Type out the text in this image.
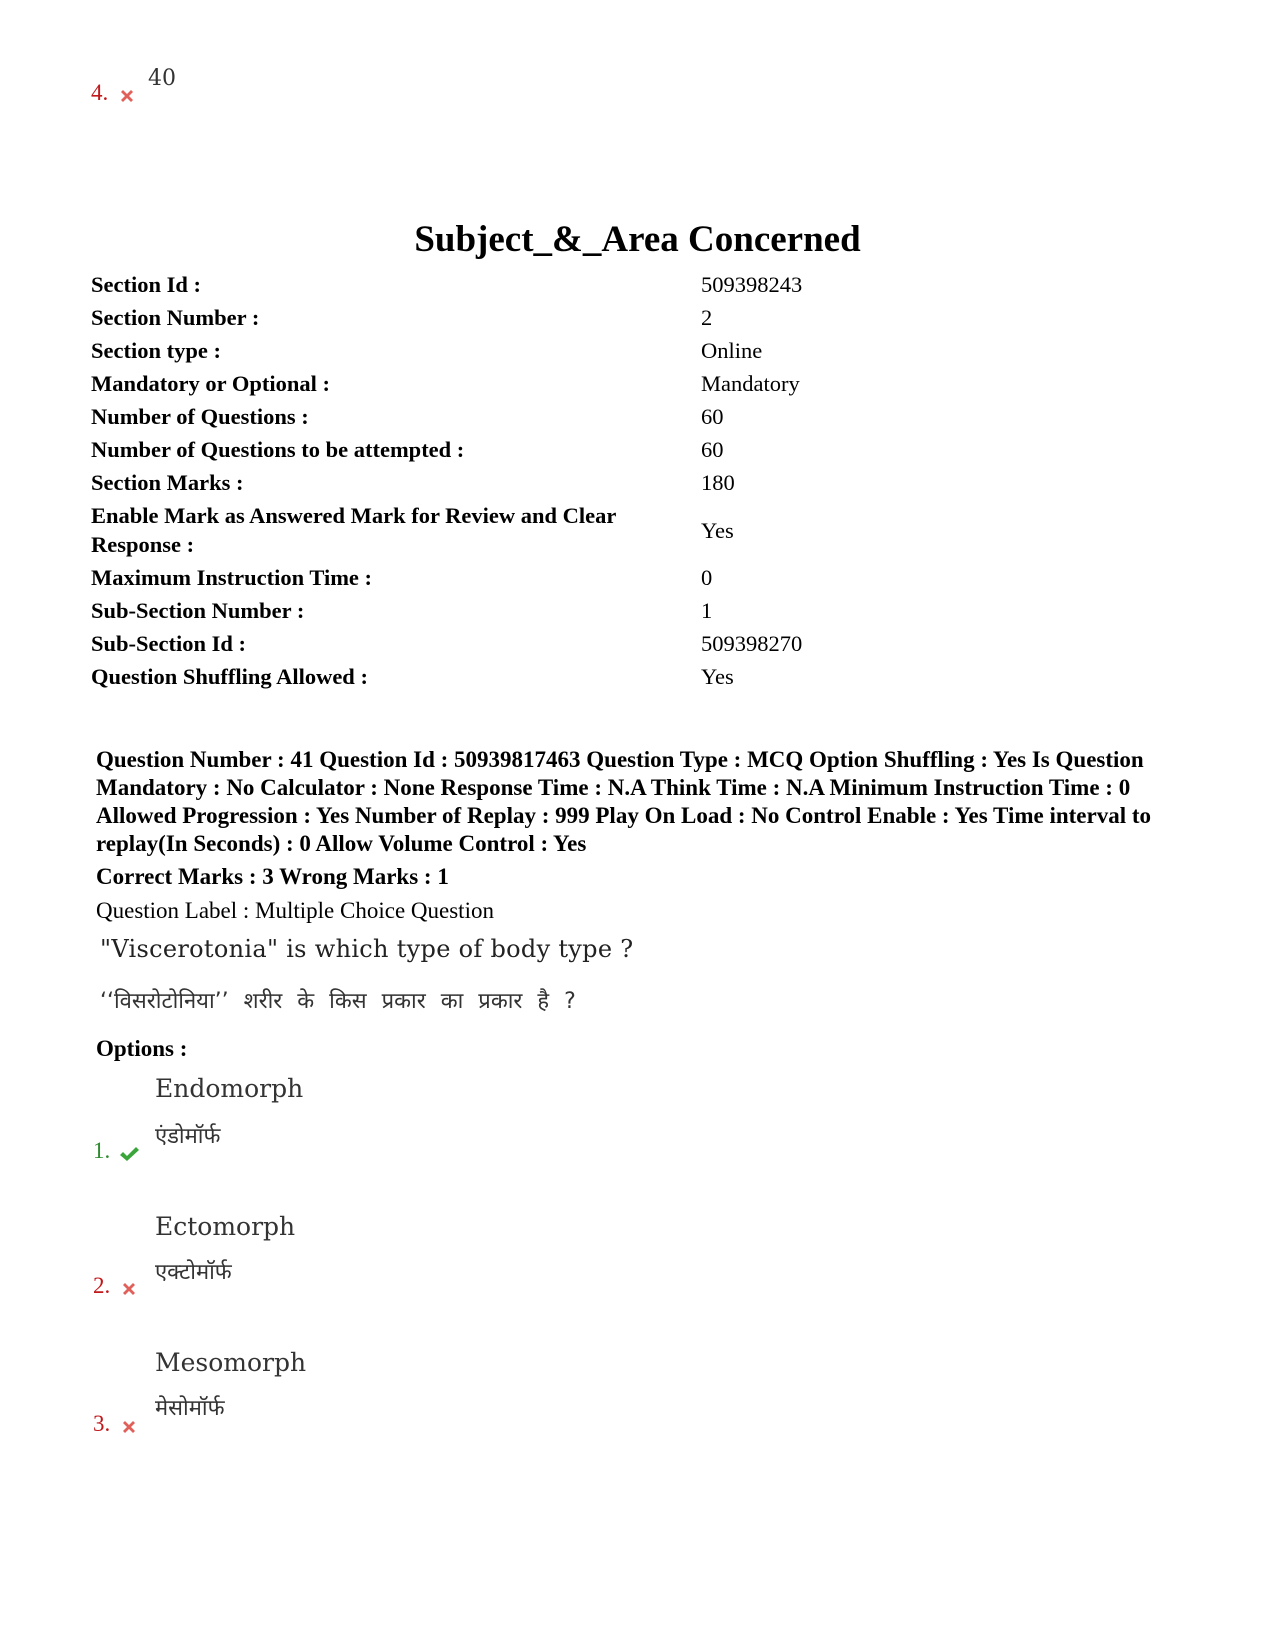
4.
40
Subject_&_Area Concerned
Section Id :	509398243
Section Number :	2
Section type :	Online
Mandatory or Optional :	Mandatory
Number of Questions :	60
Number of Questions to be attempted :	60
Section Marks :	180
Enable Mark as Answered Mark for Review and Clear Response :
Yes
Maximum Instruction Time :	0
Sub-Section Number :	1
Sub-Section Id :	509398270
Question Shuffling Allowed :	Yes
Question Number : 41 Question Id : 50939817463 Question Type : MCQ Option Shuffling : Yes Is Question Mandatory : No Calculator : None Response Time : N.A Think Time : N.A Minimum Instruction Time : 0 Allowed Progression : Yes Number of Replay : 999 Play On Load : No Control Enable : Yes Time interval to replay(In Seconds) : 0 Allow Volume Control : Yes
Correct Marks : 3 Wrong Marks : 1
Question Label : Multiple Choice Question
"Viscerotonia" is which type of body type ?
‘‘विसरोटोनिया’’ शरीर के किस प्रकार का प्रकार है ?
Options :
Endomorph
एंडोमॉर्फ
1.
Ectomorph
एक्टोमॉर्फ
2.
Mesomorph
मेसोमॉर्फ
3.
